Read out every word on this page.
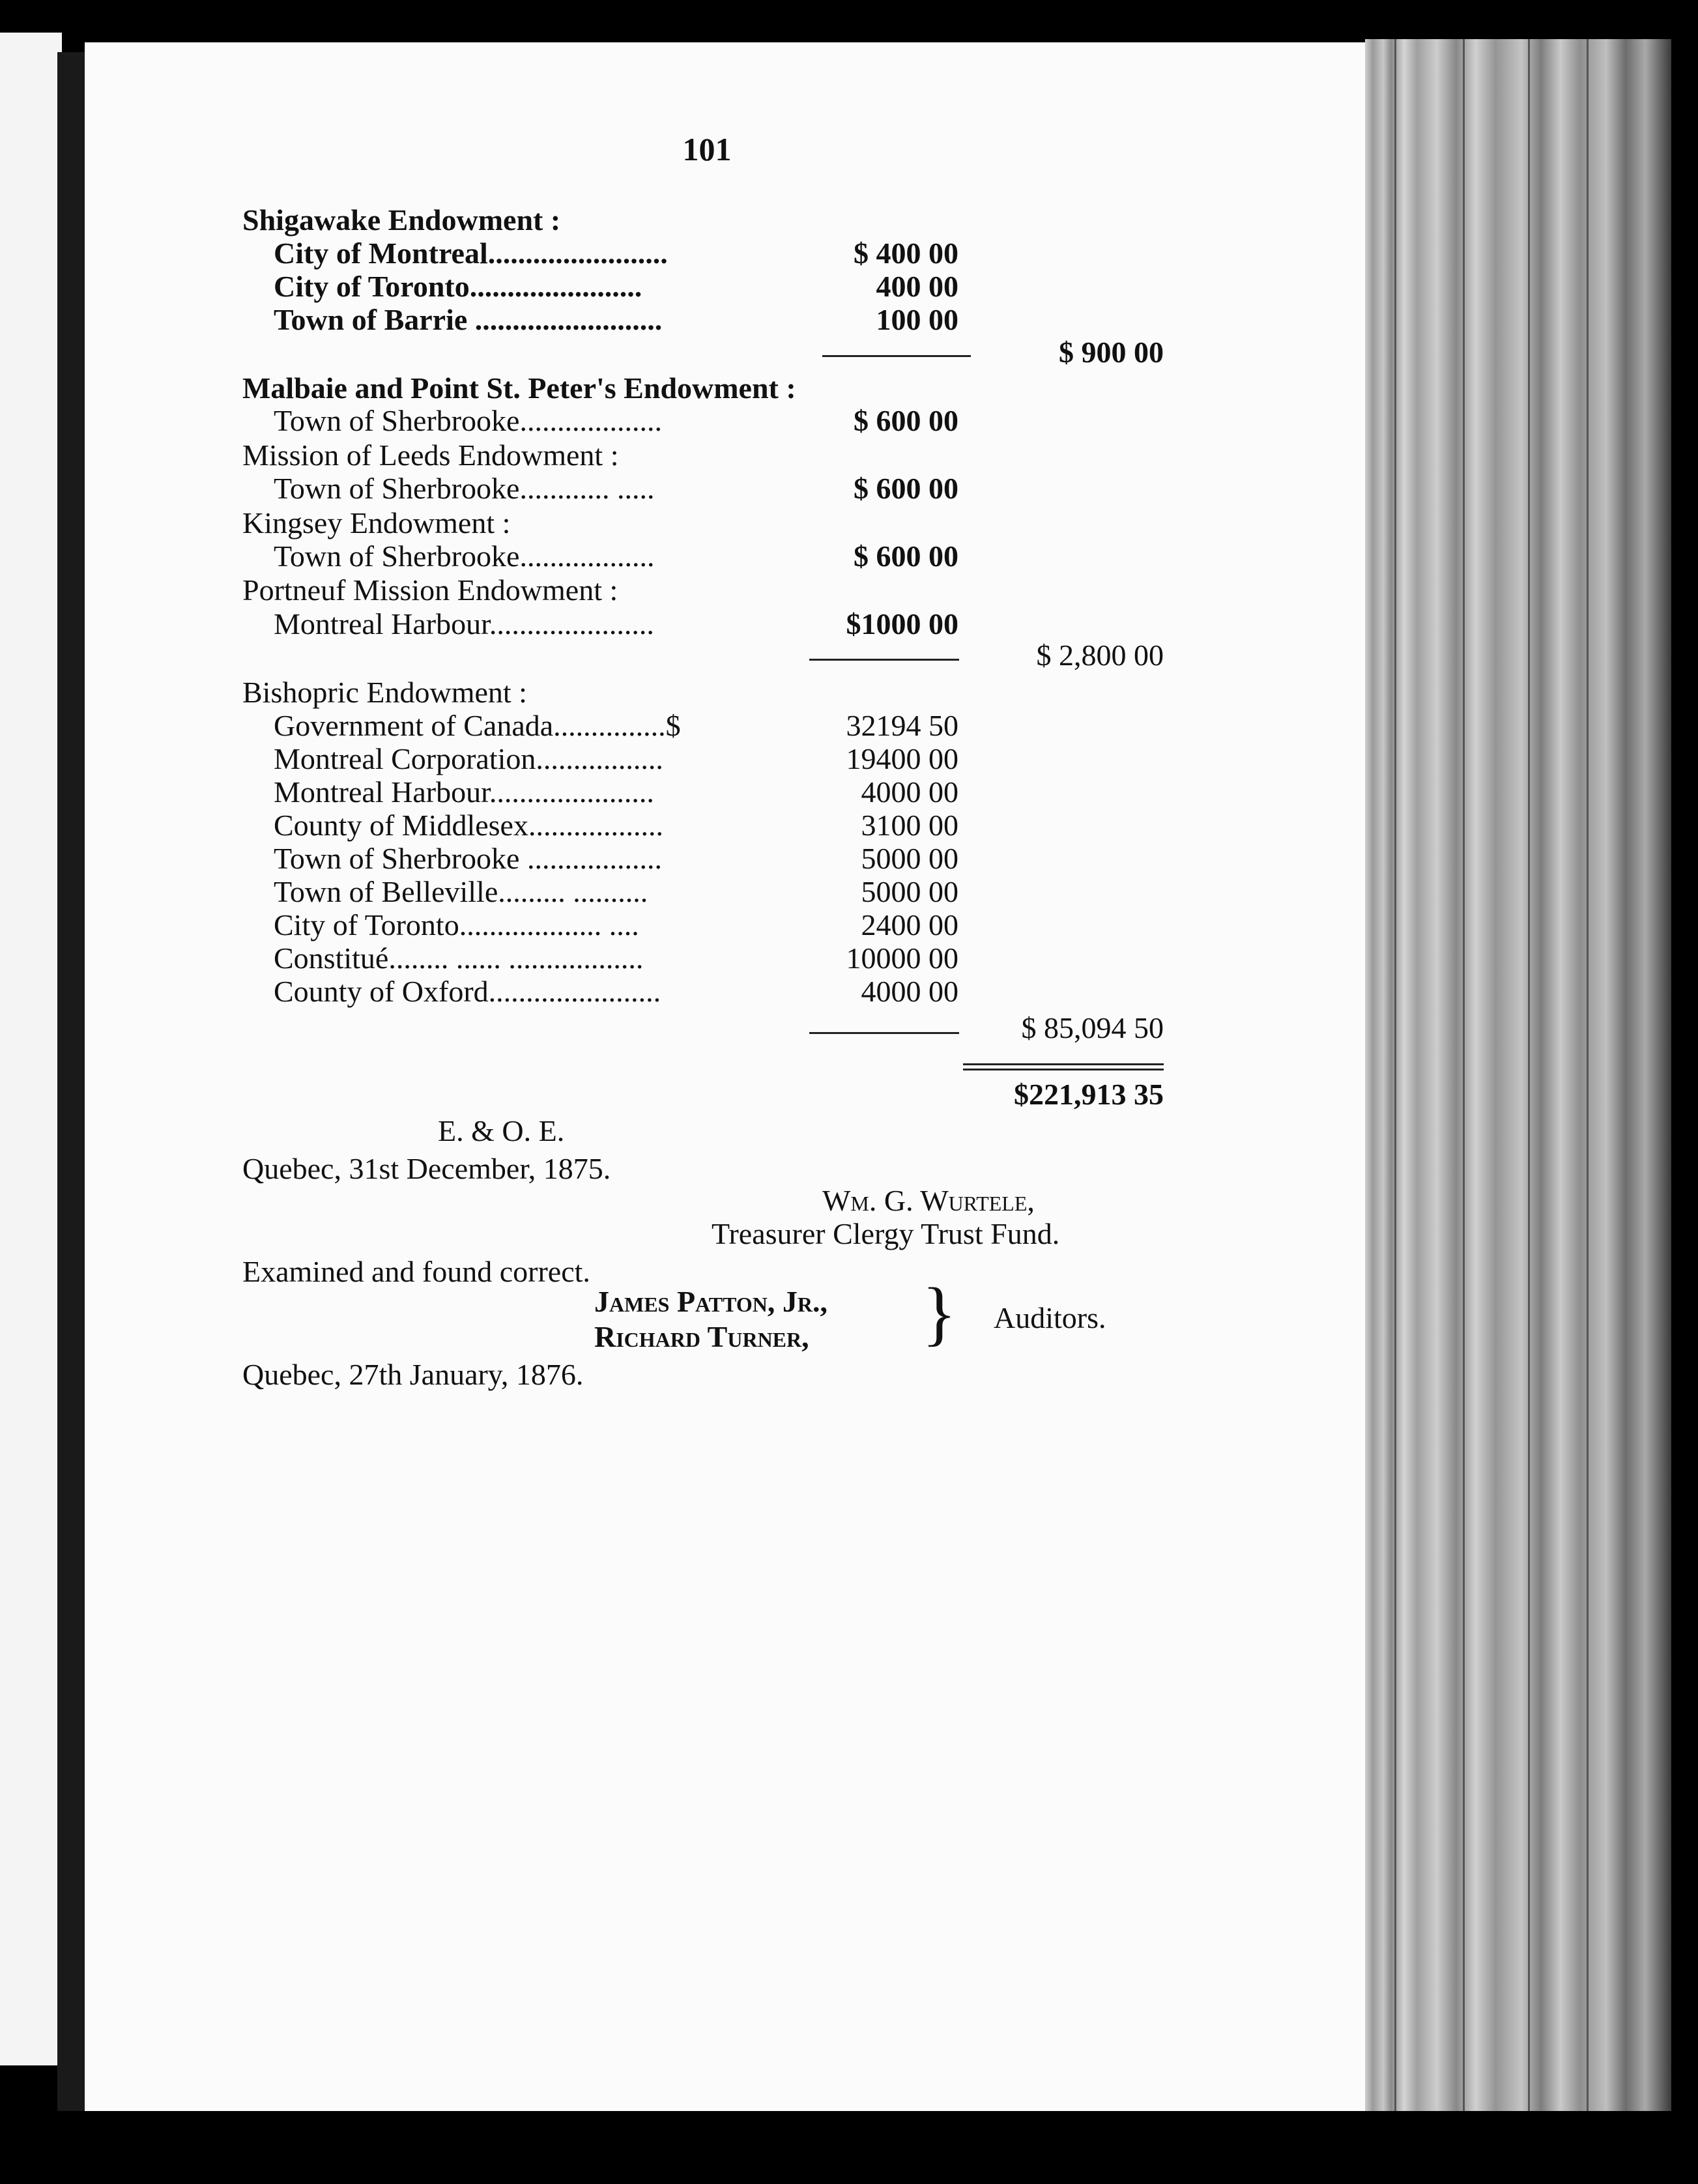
101
Shigawake Endowment :
City of Montreal........................	$ 400 00
City of Toronto.......................	400 00
Town of Barrie .........................	100 00
$ 900 00
Malbaie and Point St. Peter's Endowment :
Town of Sherbrooke...................	$ 600 00
Mission of Leeds Endowment :
Town of Sherbrooke............ .....	$ 600 00
Kingsey Endowment :
Town of Sherbrooke..................	$ 600 00
Portneuf Mission Endowment :
Montreal Harbour......................	$1000 00
$ 2,800 00
Bishopric Endowment :
Government of Canada...............$	32194 50
Montreal Corporation.................	19400 00
Montreal Harbour......................	4000 00
County of Middlesex..................	3100 00
Town of Sherbrooke ..................	5000 00
Town of Belleville......... ..........	5000 00
City of Toronto................... ....	2400 00
Constitué........ ...... ..................	10000 00
County of Oxford.......................	4000 00
$ 85,094 50
$221,913 35
E. & O. E.
Quebec, 31st December, 1875.
Wm. G. Wurtele,
Treasurer Clergy Trust Fund.
Examined and found correct.
James Patton, Jr.,
Richard Turner, } Auditors.
Quebec, 27th January, 1876.
